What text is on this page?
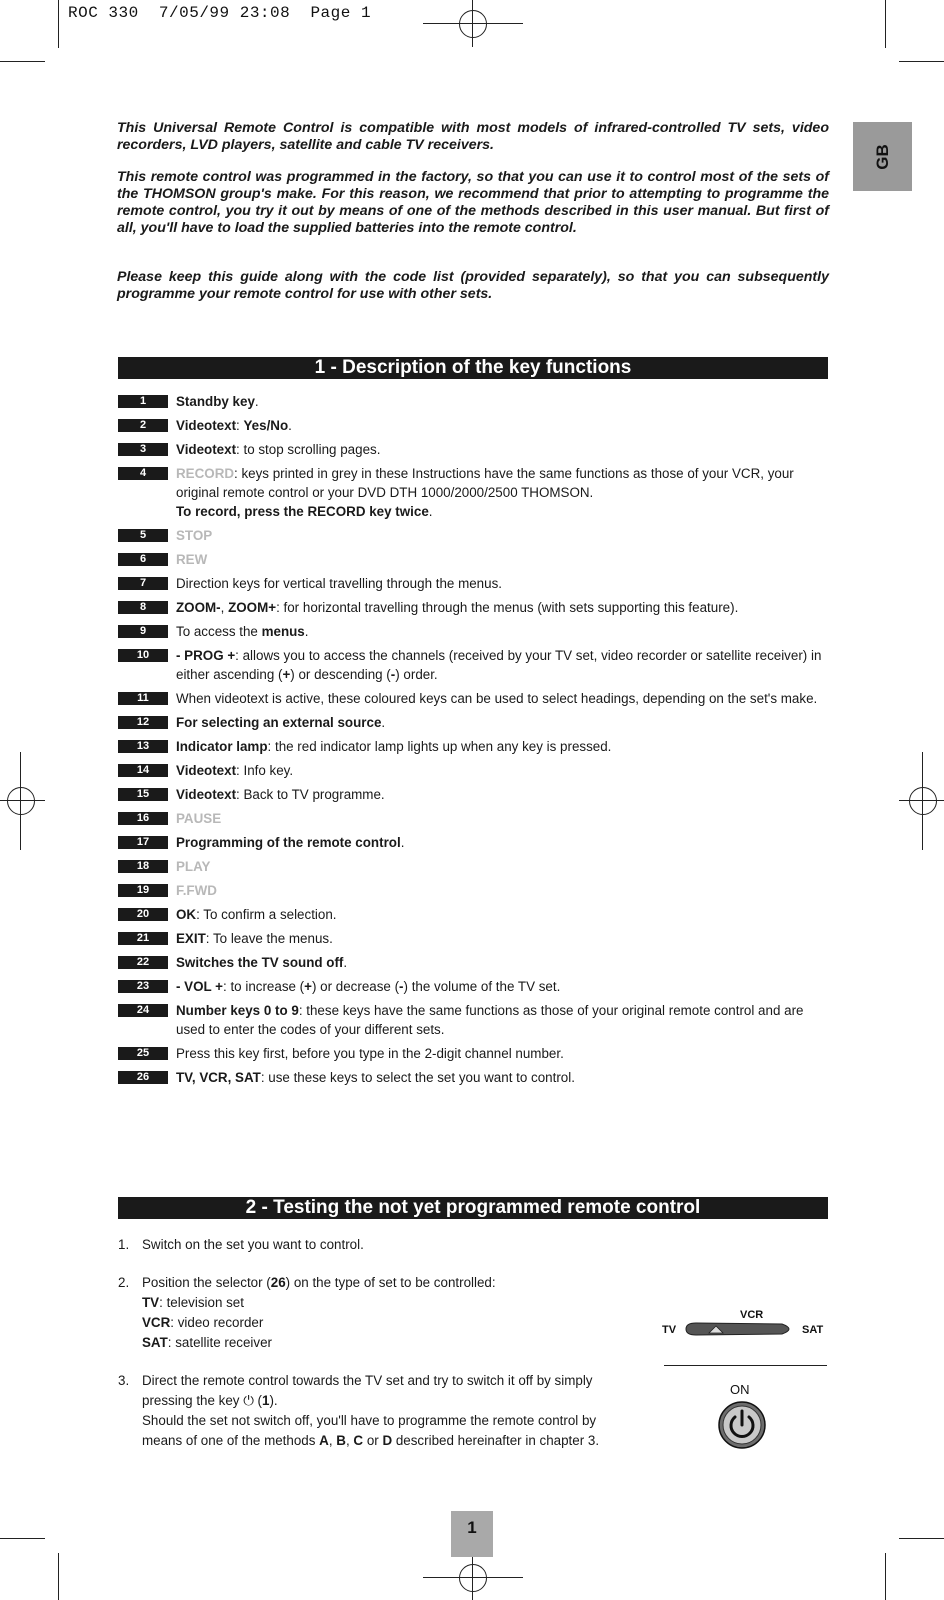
ROC 330  7/05/99 23:08  Page 1
GB

This Universal Remote Control is compatible with most models of infrared-controlled TV sets, video recorders, LVD players, satellite and cable TV receivers.

This remote control was programmed in the factory, so that you can use it to control most of the sets of the THOMSON group's make. For this reason, we recommend that prior to attempting to programme the remote control, you try it out by means of one of the methods described in this user manual. But first of all, you'll have to load the supplied batteries into the remote control.

Please keep this guide along with the code list (provided separately), so that you can subsequently programme your remote control for use with other sets.

1 - Description of the key functions
1	Standby key.
2	Videotext: Yes/No.
3	Videotext: to stop scrolling pages.
4	RECORD: keys printed in grey in these Instructions have the same functions as those of your VCR, your original remote control or your DVD DTH 1000/2000/2500 THOMSON.
To record, press the RECORD key twice.
5	STOP
6	REW
7	Direction keys for vertical travelling through the menus.
8	ZOOM-, ZOOM+: for horizontal travelling through the menus (with sets supporting this feature).
9	To access the menus.
10	- PROG +: allows you to access the channels (received by your TV set, video recorder or satellite receiver) in either ascending (+) or descending (-) order.
11	When videotext is active, these coloured keys can be used to select headings, depending on the set's make.
12	For selecting an external source.
13	Indicator lamp: the red indicator lamp lights up when any key is pressed.
14	Videotext: Info key.
15	Videotext: Back to TV programme.
16	PAUSE
17	Programming of the remote control.
18	PLAY
19	F.FWD
20	OK: To confirm a selection.
21	EXIT: To leave the menus.
22	Switches the TV sound off.
23	- VOL +: to increase (+) or decrease (-) the volume of the TV set.
24	Number keys 0 to 9: these keys have the same functions as those of your original remote control and are used to enter the codes of your different sets.
25	Press this key first, before you type in the 2-digit channel number.
26	TV, VCR, SAT: use these keys to select the set you want to control.
2 - Testing the not yet programmed remote control
1. Switch on the set you want to control.
2. Position the selector (26) on the type of set to be controlled:
TV: television set
VCR: video recorder
SAT: satellite receiver
3. Direct the remote control towards the TV set and try to switch it off by simply pressing the key ⏻ (1).
Should the set not switch off, you'll have to programme the remote control by means of one of the methods A, B, C or D described hereinafter in chapter 3.
VCR
TV	SAT
ON
1
